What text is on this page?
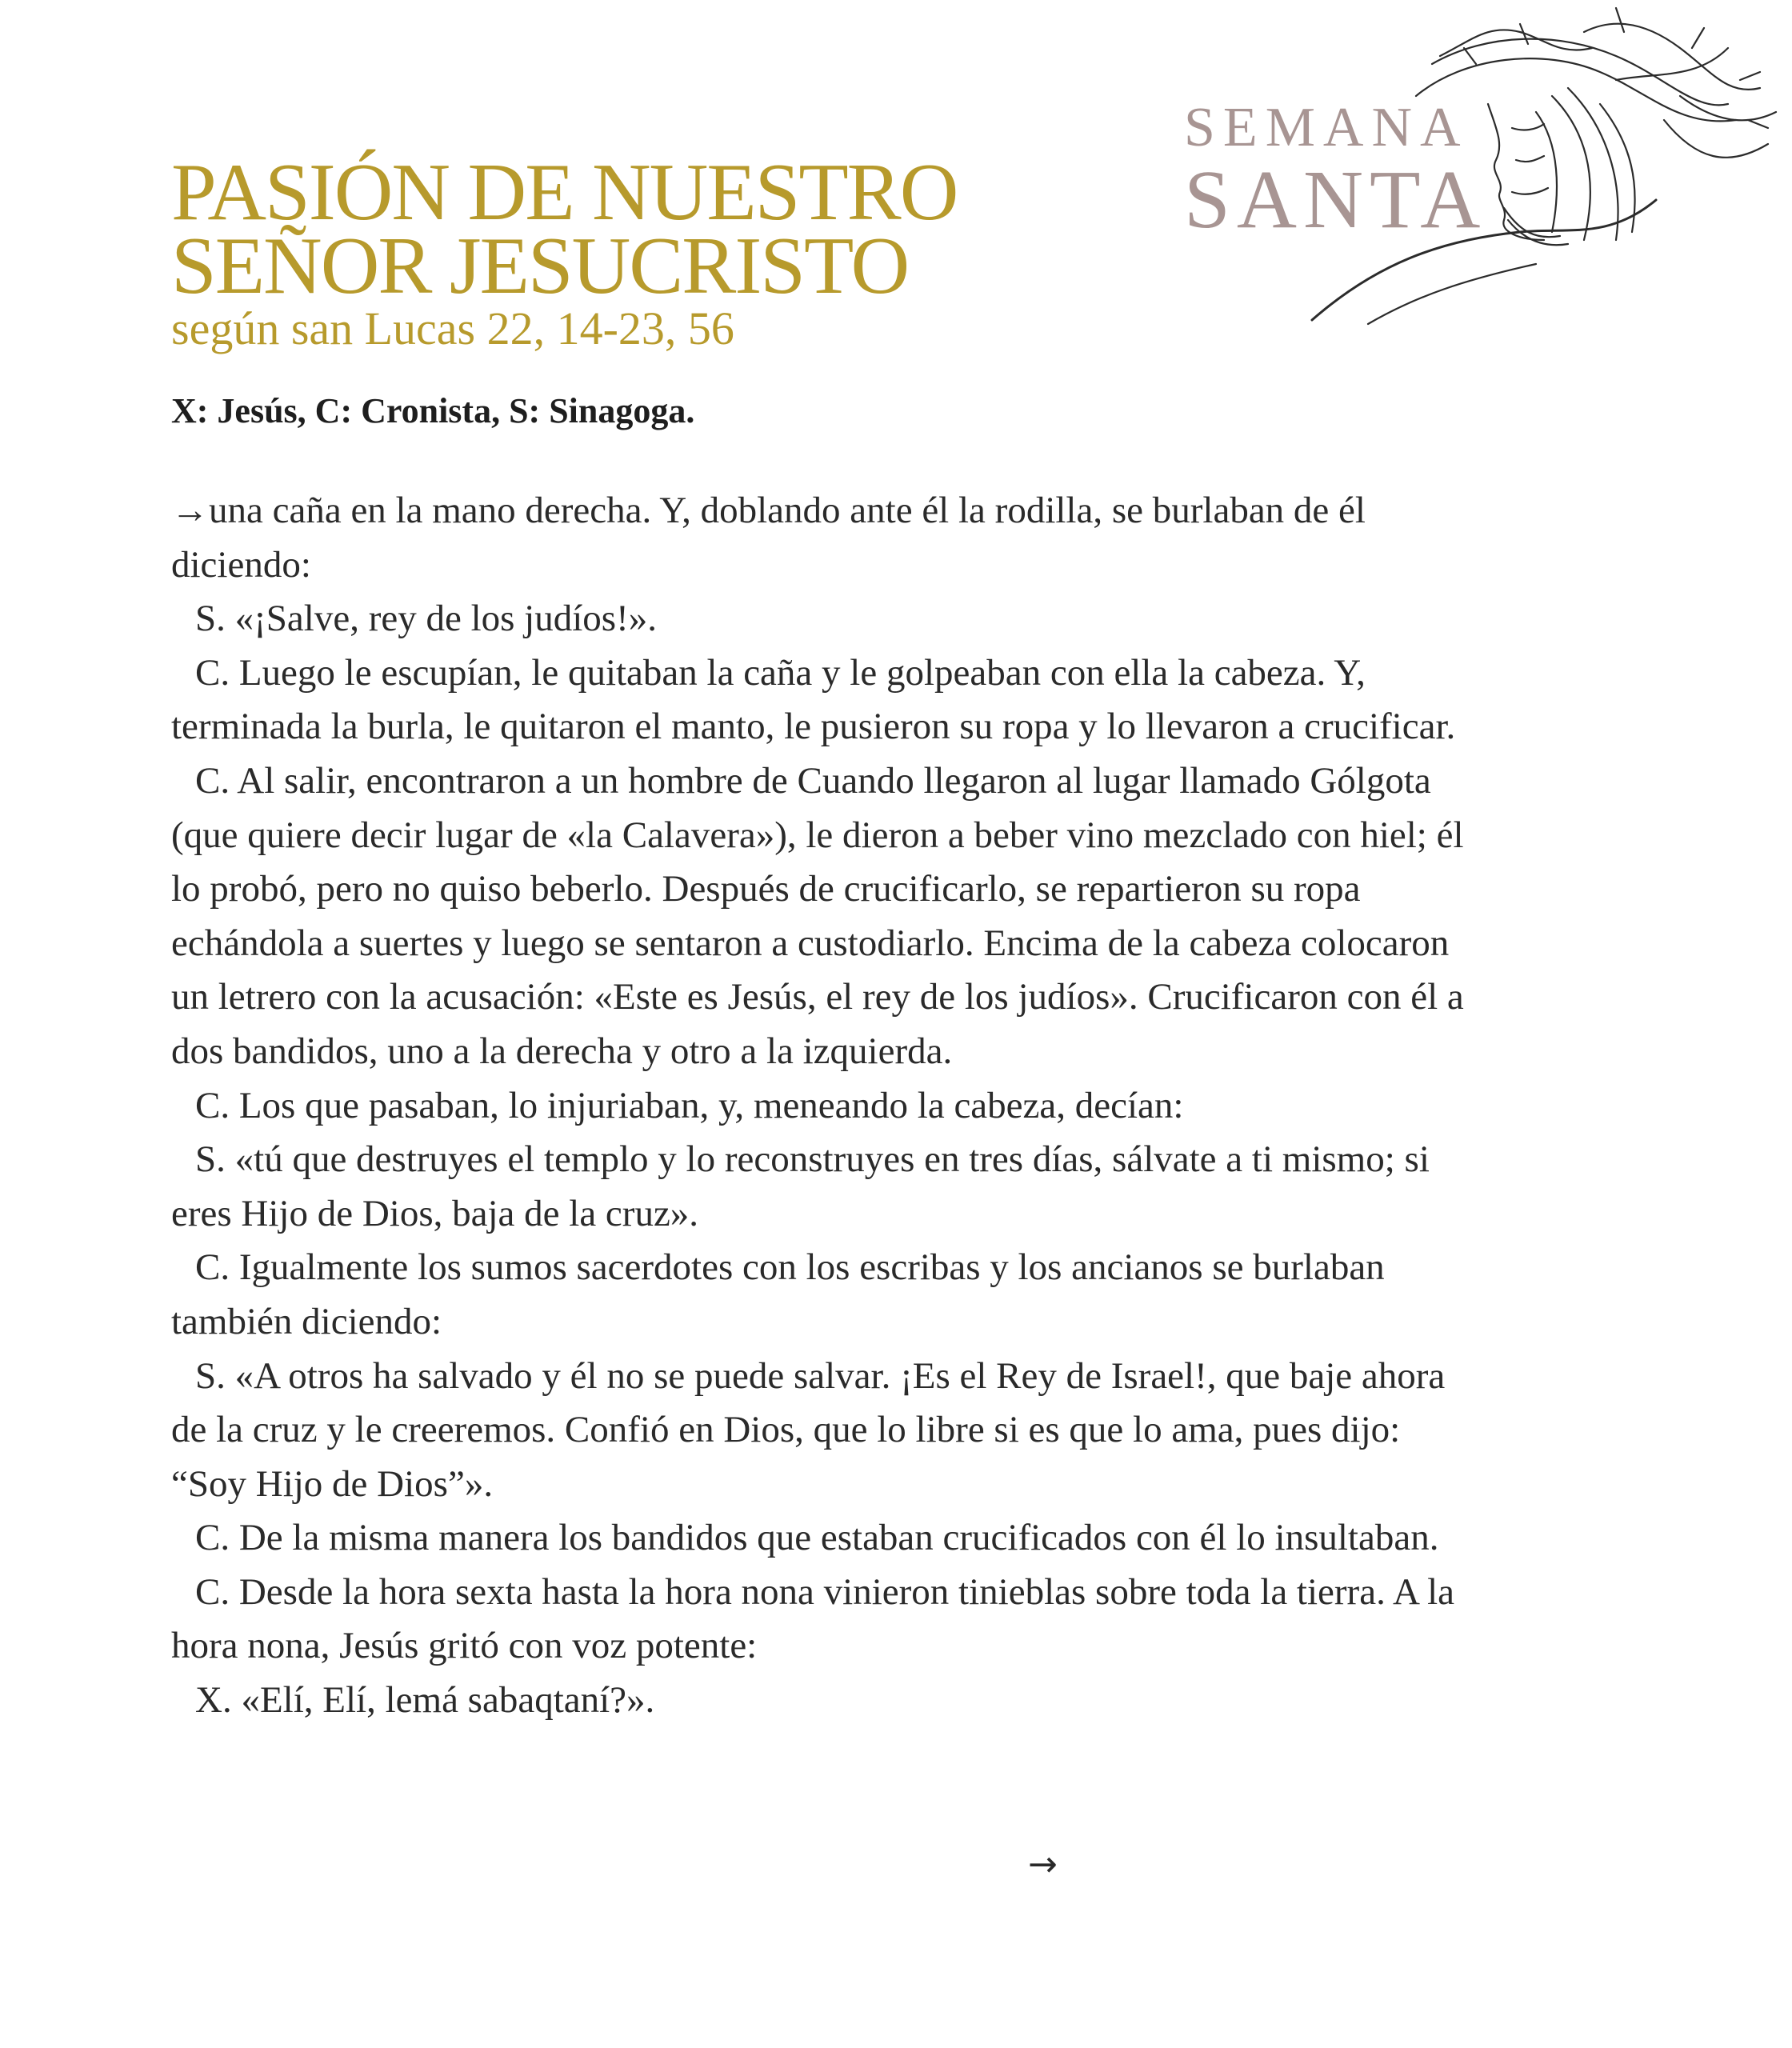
PASIÓN DE NUESTRO

SEÑOR JESUCRISTO

según san Lucas 22, 14-23, 56

SEMANA
SANTA

X: Jesús, C: Cronista, S: Sinagoga.

→una caña en la mano derecha. Y, doblando ante él la rodilla, se burlaban de él diciendo:

S. «¡Salve, rey de los judíos!».

C. Luego le escupían, le quitaban la caña y le golpeaban con ella la cabeza. Y, terminada la burla, le quitaron el manto, le pusieron su ropa y lo llevaron a crucificar.

C. Al salir, encontraron a un hombre de Cuando llegaron al lugar llamado Gólgota (que quiere decir lugar de «la Calavera»), le dieron a beber vino mezclado con hiel; él lo probó, pero no quiso beberlo. Después de crucificarlo, se repartieron su ropa echándola a suertes y luego se sentaron a custodiarlo. Encima de la cabeza colocaron un letrero con la acusación: «Este es Jesús, el rey de los judíos». Crucificaron con él a dos bandidos, uno a la derecha y otro a la izquierda.

C. Los que pasaban, lo injuriaban, y, meneando la cabeza, decían:

S. «tú que destruyes el templo y lo reconstruyes en tres días, sálvate a ti mismo; si eres Hijo de Dios, baja de la cruz».

C. Igualmente los sumos sacerdotes con los escribas y los ancianos se burlaban también diciendo:

S. «A otros ha salvado y él no se puede salvar. ¡Es el Rey de Israel!, que baje ahora de la cruz y le creeremos. Confió en Dios, que lo libre si es que lo ama, pues dijo: “Soy Hijo de Dios”».

C. De la misma manera los bandidos que estaban crucificados con él lo insultaban.

C. Desde la hora sexta hasta la hora nona vinieron tinieblas sobre toda la tierra. A la hora nona, Jesús gritó con voz potente:

X. «Elí, Elí, lemá sabaqtaní?».

→
